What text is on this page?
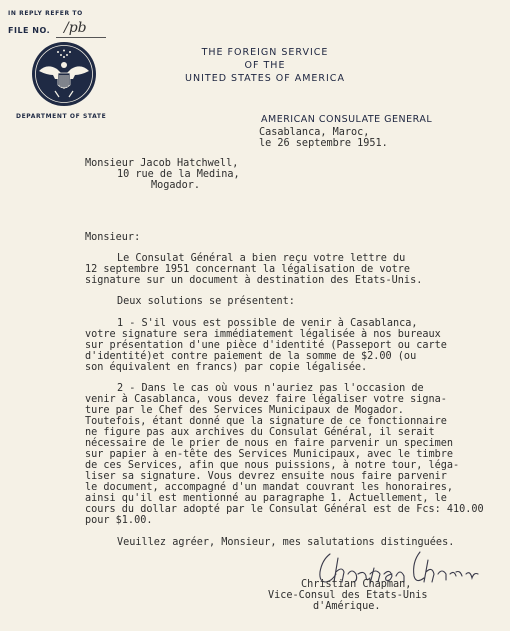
IN REPLY REFER TO
FILE NO. /pb
DEPARTMENT OF STATE
THE FOREIGN SERVICE
OF THE
UNITED STATES OF AMERICA
AMERICAN CONSULATE GENERAL
Casablanca, Maroc,
le 26 septembre 1951.
Monsieur Jacob Hatchwell,
10 rue de la Medina,
Mogador.
Monsieur:
Le Consulat Général a bien reçu votre lettre du
12 septembre 1951 concernant la légalisation de votre
signature sur un document à destination des Etats-Unis.
Deux solutions se présentent:
1 - S'il vous est possible de venir à Casablanca,
votre signature sera immédiatement légalisée à nos bureaux
sur présentation d'une pièce d'identité (Passeport ou carte
d'identité)et contre paiement de la somme de $2.00 (ou
son équivalent en francs) par copie légalisée.
2 - Dans le cas où vous n'auriez pas l'occasion de
venir à Casablanca, vous devez faire légaliser votre signa-
ture par le Chef des Services Municipaux de Mogador.
Toutefois, étant donné que la signature de ce fonctionnaire
ne figure pas aux archives du Consulat Général, il serait
nécessaire de le prier de nous en faire parvenir un specimen
sur papier à en-tête des Services Municipaux, avec le timbre
de ces Services, afin que nous puissions, à notre tour, léga-
liser sa signature. Vous devrez ensuite nous faire parvenir
le document, accompagné d'un mandat couvrant les honoraires,
ainsi qu'il est mentionné au paragraphe 1. Actuellement, le
cours du dollar adopté par le Consulat Général est de Fcs: 410.00
pour $1.00.
Veuillez agréer, Monsieur, mes salutations distinguées.
Christian Chapman,
Vice-Consul des Etats-Unis
d'Amérique.
